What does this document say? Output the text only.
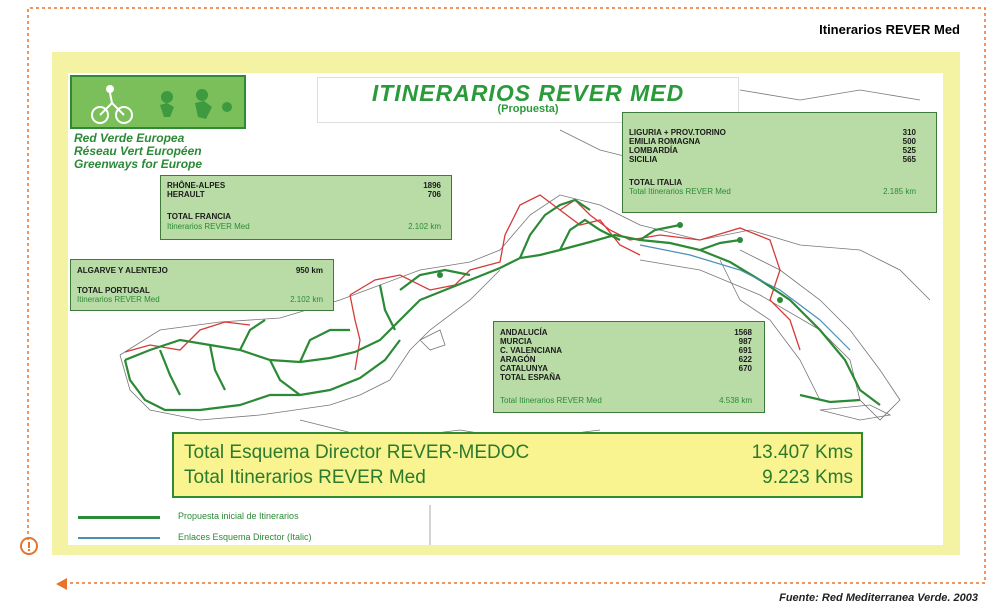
Itinerarios REVER Med
Red Verde Europea
Réseau Vert Européen
Greenways for Europe
ITINERARIOS REVER MED
(Propuesta)
LIGURIA + PROV.TORINO	310
EMILIA ROMAGNA	500
LOMBARDÍA	525
SICILIA	565
TOTAL ITALIA
Total Itinerarios REVER Med	2.185 km
RHÔNE-ALPES	1896
HERAULT	706
TOTAL FRANCIA
Itinerarios REVER Med	2.102 km
ALGARVE Y ALENTEJO	950 km
TOTAL PORTUGAL
Itinerarios REVER Med	2.102 km
ANDALUCÍA	1568
MURCIA	987
C. VALENCIANA	691
ARAGÓN	622
CATALUNYA	670
TOTAL ESPAÑA
Total Itinerarios REVER Med	4.538 km
Total Esquema Director REVER-MEDOC	13.407 Kms
Total Itinerarios REVER Med	9.223 Kms
Propuesta inicial de Itinerarios
Enlaces Esquema Director (Italic)
Fuente: Red Mediterranea Verde. 2003
